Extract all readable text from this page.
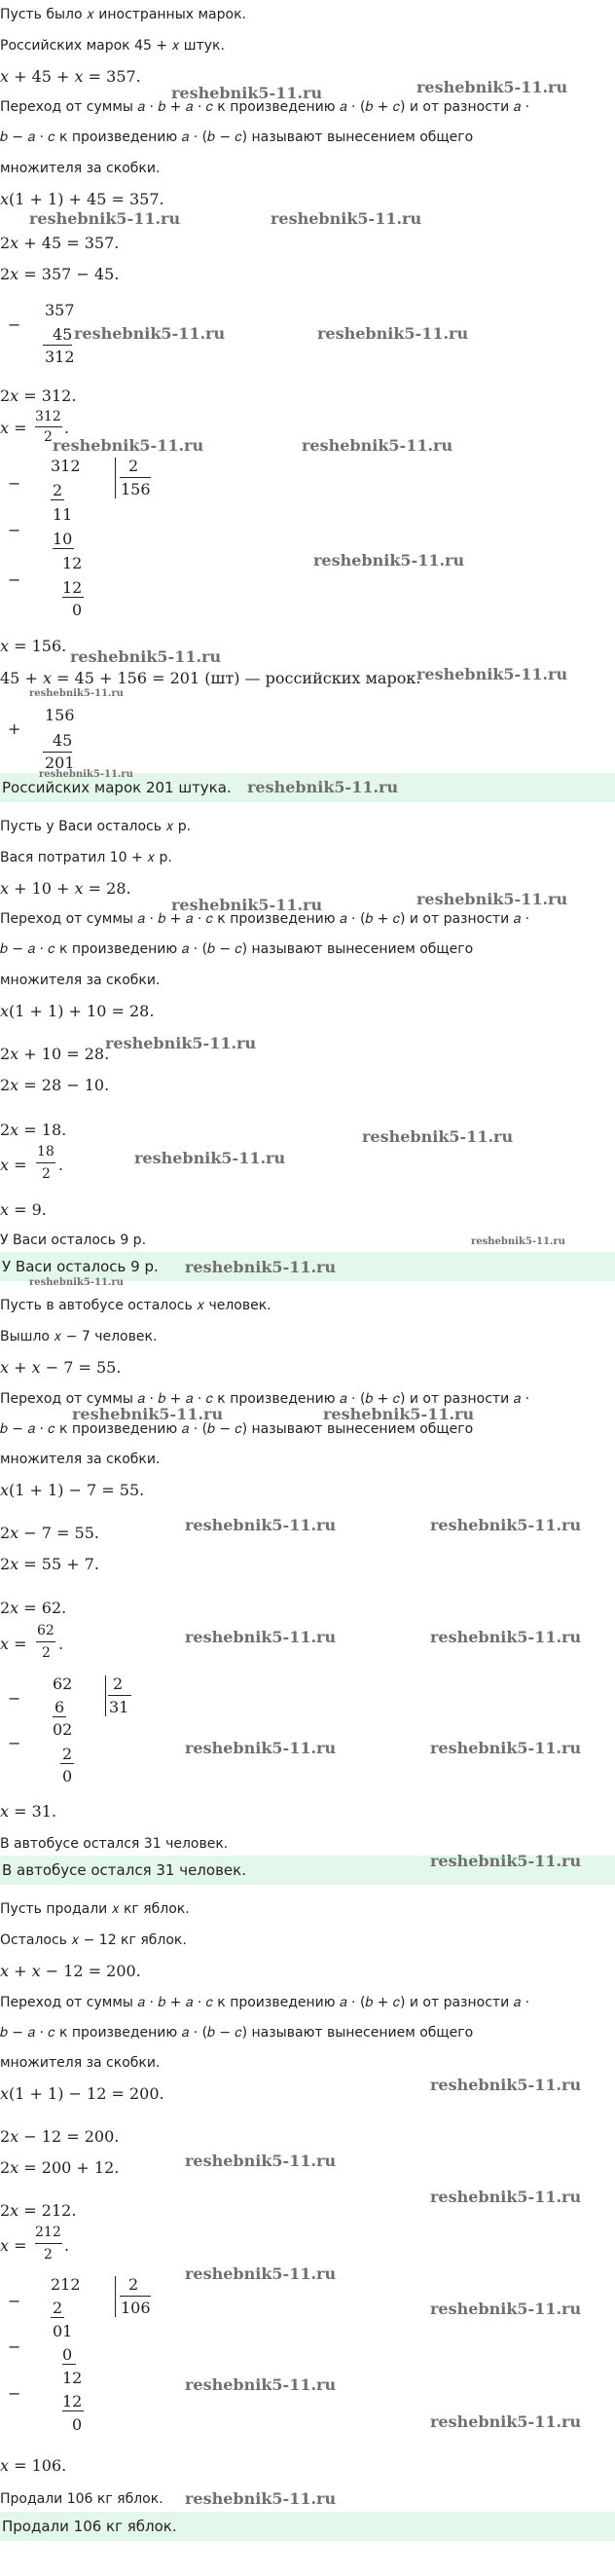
Пусть было 𝑥 иностранных марок.
Российских марок 45 + 𝑥 штук.
𝑥 + 45 + 𝑥 = 357.
Переход от суммы 𝑎 · 𝑏 + 𝑎 · 𝑐 к произведению 𝑎 · (𝑏 + 𝑐) и от разности 𝑎 ·
𝑏 − 𝑎 · 𝑐 к произведению 𝑎 · (𝑏 − 𝑐) называют вынесением общего
множителя за скобки.
𝑥(1 + 1) + 45 = 357.
2𝑥 + 45 = 357.
2𝑥 = 357 − 45.
−
357
45
312
2𝑥 = 312.
𝑥 =
312
2 .
−
312
2
2
156
−
11
10
−
12
12
0
𝑥 = 156.
45 + 𝑥 = 45 + 156 = 201 (шт) — российских марок.
+
156
45
201
Российских марок 201 штука.
Пусть у Васи осталось 𝑥 р.
Вася потратил 10 + 𝑥 р.
𝑥 + 10 + 𝑥 = 28.
Переход от суммы 𝑎 · 𝑏 + 𝑎 · 𝑐 к произведению 𝑎 · (𝑏 + 𝑐) и от разности 𝑎 ·
𝑏 − 𝑎 · 𝑐 к произведению 𝑎 · (𝑏 − 𝑐) называют вынесением общего
множителя за скобки.
𝑥(1 + 1) + 10 = 28.
2𝑥 + 10 = 28.
2𝑥 = 28 − 10.
2𝑥 = 18.
𝑥 =
18
2 .
𝑥 = 9.
У Васи осталось 9 р.
У Васи осталось 9 р.
Пусть в автобусе осталось 𝑥 человек.
Вышло 𝑥 − 7 человек.
𝑥 + 𝑥 − 7 = 55.
Переход от суммы 𝑎 · 𝑏 + 𝑎 · 𝑐 к произведению 𝑎 · (𝑏 + 𝑐) и от разности 𝑎 ·
𝑏 − 𝑎 · 𝑐 к произведению 𝑎 · (𝑏 − 𝑐) называют вынесением общего
множителя за скобки.
𝑥(1 + 1) − 7 = 55.
2𝑥 − 7 = 55.
2𝑥 = 55 + 7.
2𝑥 = 62.
𝑥 =
62
2 .
−
62
6
2
31
−
02
2
0
𝑥 = 31.
В автобусе остался 31 человек.
В автобусе остался 31 человек.
Пусть продали 𝑥 кг яблок.
Осталось 𝑥 − 12 кг яблок.
𝑥 + 𝑥 − 12 = 200.
Переход от суммы 𝑎 · 𝑏 + 𝑎 · 𝑐 к произведению 𝑎 · (𝑏 + 𝑐) и от разности 𝑎 ·
𝑏 − 𝑎 · 𝑐 к произведению 𝑎 · (𝑏 − 𝑐) называют вынесением общего
множителя за скобки.
𝑥(1 + 1) − 12 = 200.
2𝑥 − 12 = 200.
2𝑥 = 200 + 12.
2𝑥 = 212.
𝑥 =
212
2 .
−
212
2
2
106
−
01
0
−
12
12
0
𝑥 = 106.
Продали 106 кг яблок.
Продали 106 кг яблок.
reshebnik5-11.ru	reshebnik5-11.ru
reshebnik5-11.ru	reshebnik5-11.ru
reshebnik5-11.ru	reshebnik5-11.ru
reshebnik5-11.ru	reshebnik5-11.ru
reshebnik5-11.ru
reshebnik5-11.ru
reshebnik5-11.ru
reshebnik5-11.ru
reshebnik5-11.ru
reshebnik5-11.ru
reshebnik5-11.ru	reshebnik5-11.ru
reshebnik5-11.ru
reshebnik5-11.ru
reshebnik5-11.ru
reshebnik5-11.ru
reshebnik5-11.ru
reshebnik5-11.ru
reshebnik5-11.ru	reshebnik5-11.ru
reshebnik5-11.ru	reshebnik5-11.ru
reshebnik5-11.ru	reshebnik5-11.ru
reshebnik5-11.ru	reshebnik5-11.ru
reshebnik5-11.ru
reshebnik5-11.ru
reshebnik5-11.ru
reshebnik5-11.ru
reshebnik5-11.ru
reshebnik5-11.ru
reshebnik5-11.ru
reshebnik5-11.ru
reshebnik5-11.ru
